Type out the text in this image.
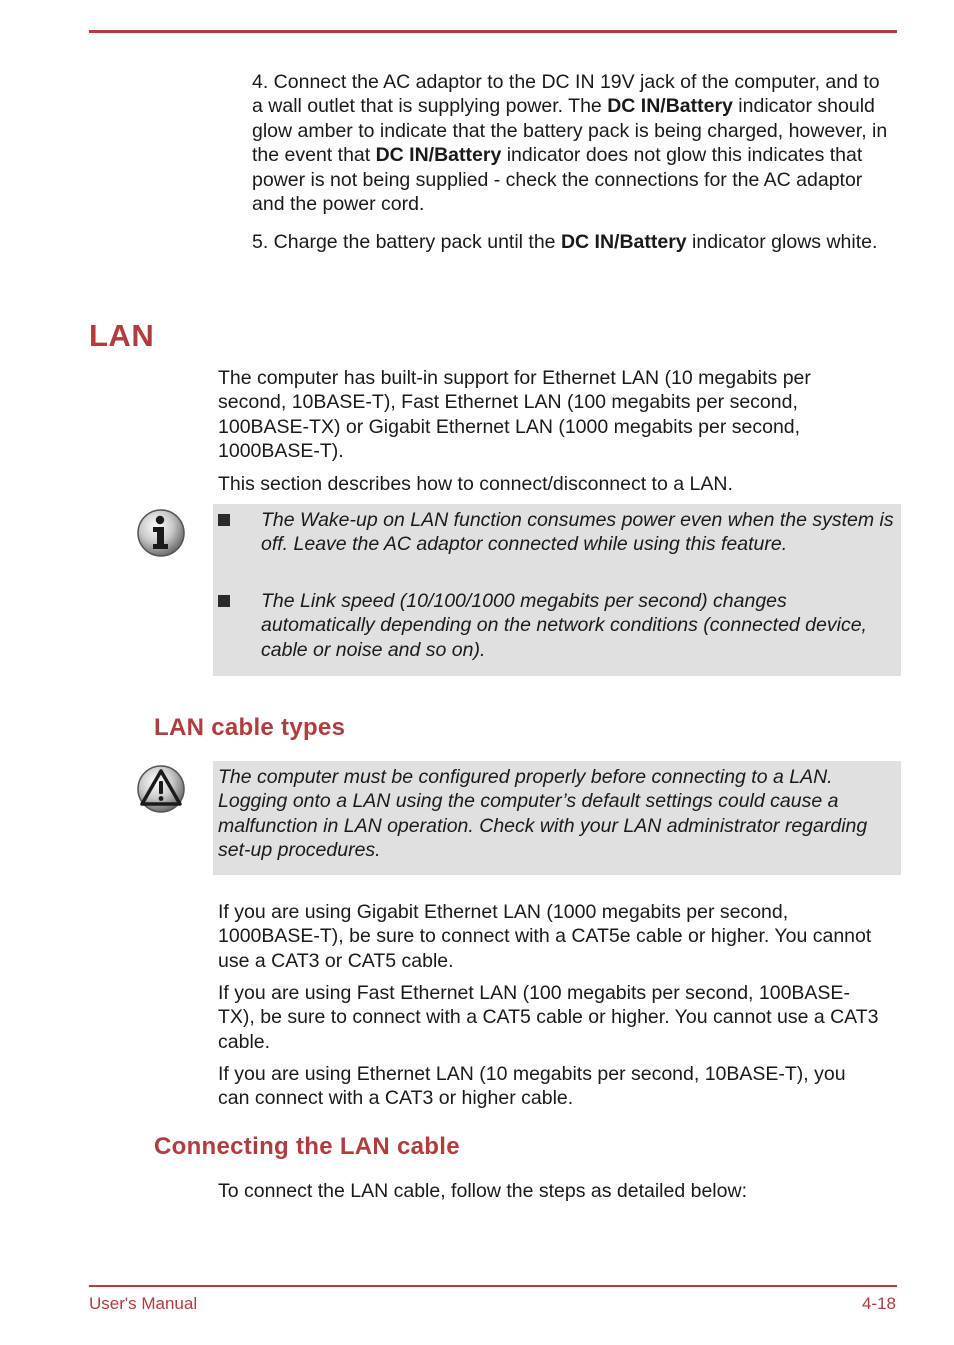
4. Connect the AC adaptor to the DC IN 19V jack of the computer, and to a wall outlet that is supplying power. The DC IN/Battery indicator should glow amber to indicate that the battery pack is being charged, however, in the event that DC IN/Battery indicator does not glow this indicates that power is not being supplied - check the connections for the AC adaptor and the power cord.

5. Charge the battery pack until the DC IN/Battery indicator glows white.

LAN

The computer has built-in support for Ethernet LAN (10 megabits per second, 10BASE-T), Fast Ethernet LAN (100 megabits per second, 100BASE-TX) or Gigabit Ethernet LAN (1000 megabits per second, 1000BASE-T).

This section describes how to connect/disconnect to a LAN.

The Wake-up on LAN function consumes power even when the system is off. Leave the AC adaptor connected while using this feature.

The Link speed (10/100/1000 megabits per second) changes automatically depending on the network conditions (connected device, cable or noise and so on).

LAN cable types

The computer must be configured properly before connecting to a LAN. Logging onto a LAN using the computer’s default settings could cause a malfunction in LAN operation. Check with your LAN administrator regarding set-up procedures.

If you are using Gigabit Ethernet LAN (1000 megabits per second, 1000BASE-T), be sure to connect with a CAT5e cable or higher. You cannot use a CAT3 or CAT5 cable.

If you are using Fast Ethernet LAN (100 megabits per second, 100BASE-TX), be sure to connect with a CAT5 cable or higher. You cannot use a CAT3 cable.

If you are using Ethernet LAN (10 megabits per second, 10BASE-T), you can connect with a CAT3 or higher cable.

Connecting the LAN cable

To connect the LAN cable, follow the steps as detailed below:

User's Manual	4-18
